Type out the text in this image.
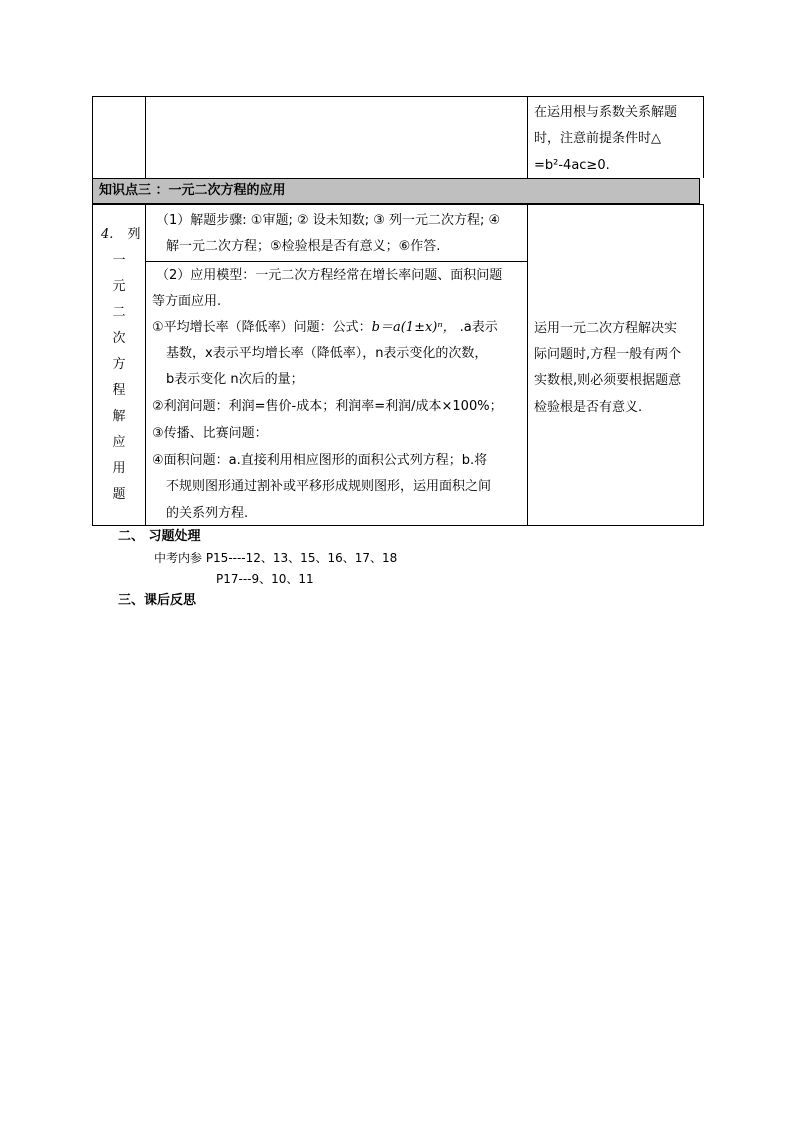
在运用根与系数关系解题
时，注意前提条件时△
=b²-4ac≥0.
知识点三 ：一元二次方程的应用
4. 列
一
元
二
次
方
程
解
应
用
题
（1）解题步骤: ①审题; ② 设未知数; ③ 列一元二次方程; ④
解一元二次方程；⑤检验根是否有意义；⑥作答.
（2）应用模型：一元二次方程经常在增长率问题、面积问题
等方面应用.
①平均增长率（降低率）问题：公式：b＝a(1±x)ⁿ， .a表示
基数，x表示平均增长率（降低率），n表示变化的次数，
b表示变化 n次后的量；
②利润问题：利润=售价-成本；利润率=利润/成本×100%；
③传播、比赛问题：
④面积问题：a.直接利用相应图形的面积公式列方程；b.将
不规则图形通过割补或平移形成规则图形，运用面积之间
的关系列方程.
运用一元二次方程解决实
际问题时,方程一般有两个
实数根,则必须要根据题意
检验根是否有意义.
二、 习题处理
中考内参 P15----12、13、15、16、17、18
P17---9、10、11
三、课后反思
